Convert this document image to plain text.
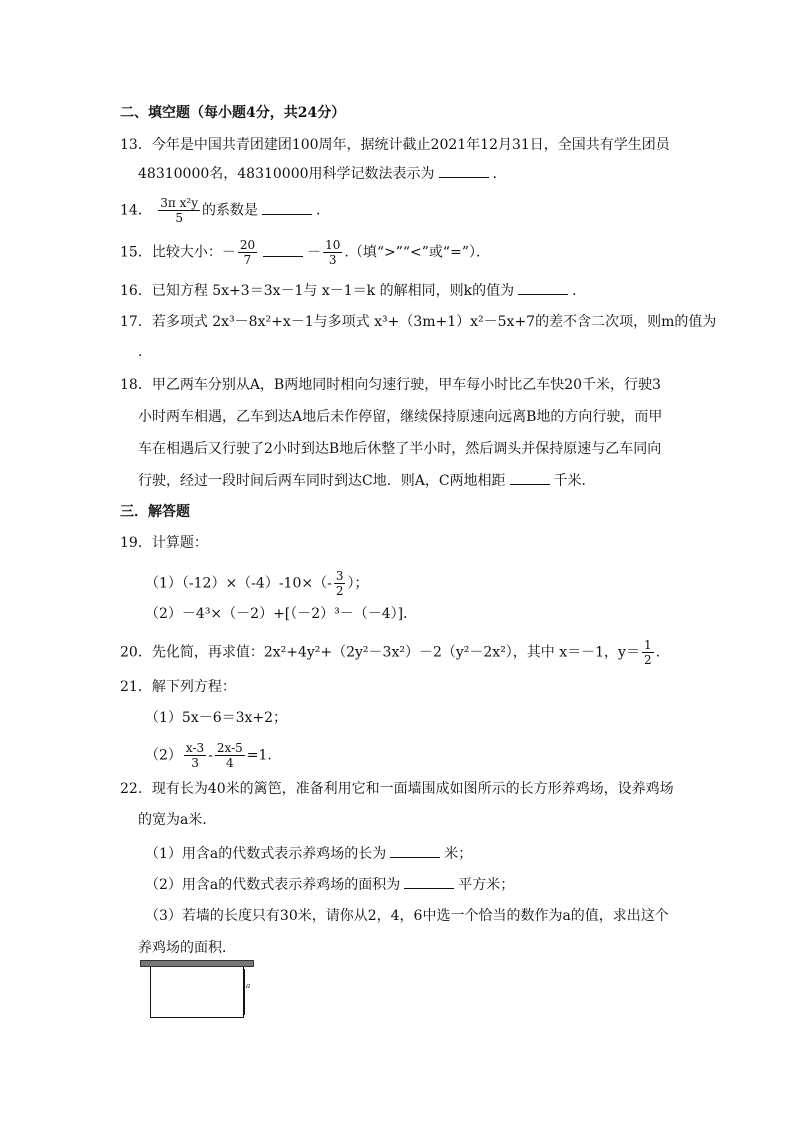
二、填空题（每小题4分，共24分）
13．今年是中国共青团建团100周年，据统计截止2021年12月31日，全国共有学生团员
48310000名，48310000用科学记数法表示为	.
14． $\frac{\text{3π x²y}}{5}$ 的系数是	.
15．比较大小：－ $\frac{20}{7}$	－ $\frac{10}{3}$ .（填“>”“<”或“=”）．
16．已知方程 5x+3＝3x－1与 x－1＝k 的解相同，则k的值为	.
17．若多项式 2x³－8x²+x－1与多项式 x³+（3m+1）x²－5x+7的差不含二次项，则m的值为
.
18．甲乙两车分别从A，B两地同时相向匀速行驶，甲车每小时比乙车快20千米，行驶3
小时两车相遇，乙车到达A地后未作停留，继续保持原速向远离B地的方向行驶，而甲
车在相遇后又行驶了2小时到达B地后休整了半小时，然后调头并保持原速与乙车同向
行驶，经过一段时间后两车同时到达C地．则A，C两地相距	千米．
三．解答题
19．计算题：
$(1)(-12)\times(-4)-10\times(- \frac{3}{2}$ ）；
（2）－4³×（－2）+[（－2）³－（－4）]．
20．先化简，再求值：2x²+4y²+（2y²－3x²）－2（y²－2x²），其中 x＝－1，$y= \frac{1}{2}$ .
21．解下列方程：
（1）5x－6＝3x+2；
$(2) \frac{x-3}{3} - \frac{2x-5}{4} =1$.
22．现有长为40米的篱笆，准备利用它和一面墙围成如图所示的长方形养鸡场，设养鸡场
的宽为a米．
（1）用含a的代数式表示养鸡场的长为	米；
（2）用含a的代数式表示养鸡场的面积为	平方米；
（3）若墙的长度只有30米，请你从2，4，6中选一个恰当的数作为a的值，求出这个
养鸡场的面积．
a
